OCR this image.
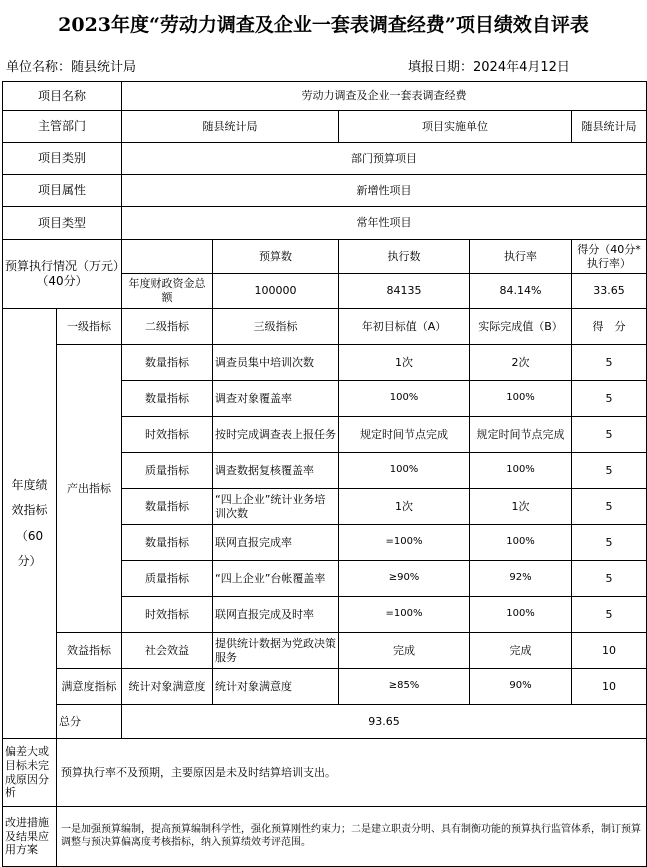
2023年度“劳动力调查及企业一套表调查经费”项目绩效自评表
单位名称：随县统计局	填报日期：2024年4月12日
项目名称		劳动力调查及企业一套表调查经费				
主管部门		随县统计局		项目实施单位		随县统计局
项目类别		部门预算项目				
项目属性		新增性项目				
项目类型		常年性项目				
预算执行情况（万元）（40分）			预算数	执行数	执行率	得分（40分*执行率）
		年度财政资金总额	100000	84135	84.14%	33.65

年度绩效指标（60分）	一级指标	二级指标	三级指标	年初目标值（A）	实际完成值（B）	得　分
	产出指标	数量指标	调查员集中培训次数	1次	2次	5
		数量指标	调查对象覆盖率	100%	100%	5
		时效指标	按时完成调查表上报任务	规定时间节点完成	规定时间节点完成	5
		质量指标	调查数据复核覆盖率	100%	100%	5
		数量指标	“四上企业”统计业务培训次数	1次	1次	5
		数量指标	联网直报完成率	=100%	100%	5
		质量指标	“四上企业”台帐覆盖率	≥90%	92%	5
		时效指标	联网直报完成及时率	=100%	100%	5
	效益指标	社会效益	提供统计数据为党政决策服务	完成	完成	10
	满意度指标	统计对象满意度	统计对象满意度	≥85%	90%	10
	总分	93.65				
偏差大或目标未完成原因分析	预算执行率不及预期，主要原因是未及时结算培训支出。					
改进措施及结果应用方案	一是加强预算编制，提高预算编制科学性，强化预算刚性约束力；二是建立职责分明、具有制衡功能的预算执行监管体系，制订预算调整与预决算偏离度考核指标，纳入预算绩效考评范围。					
